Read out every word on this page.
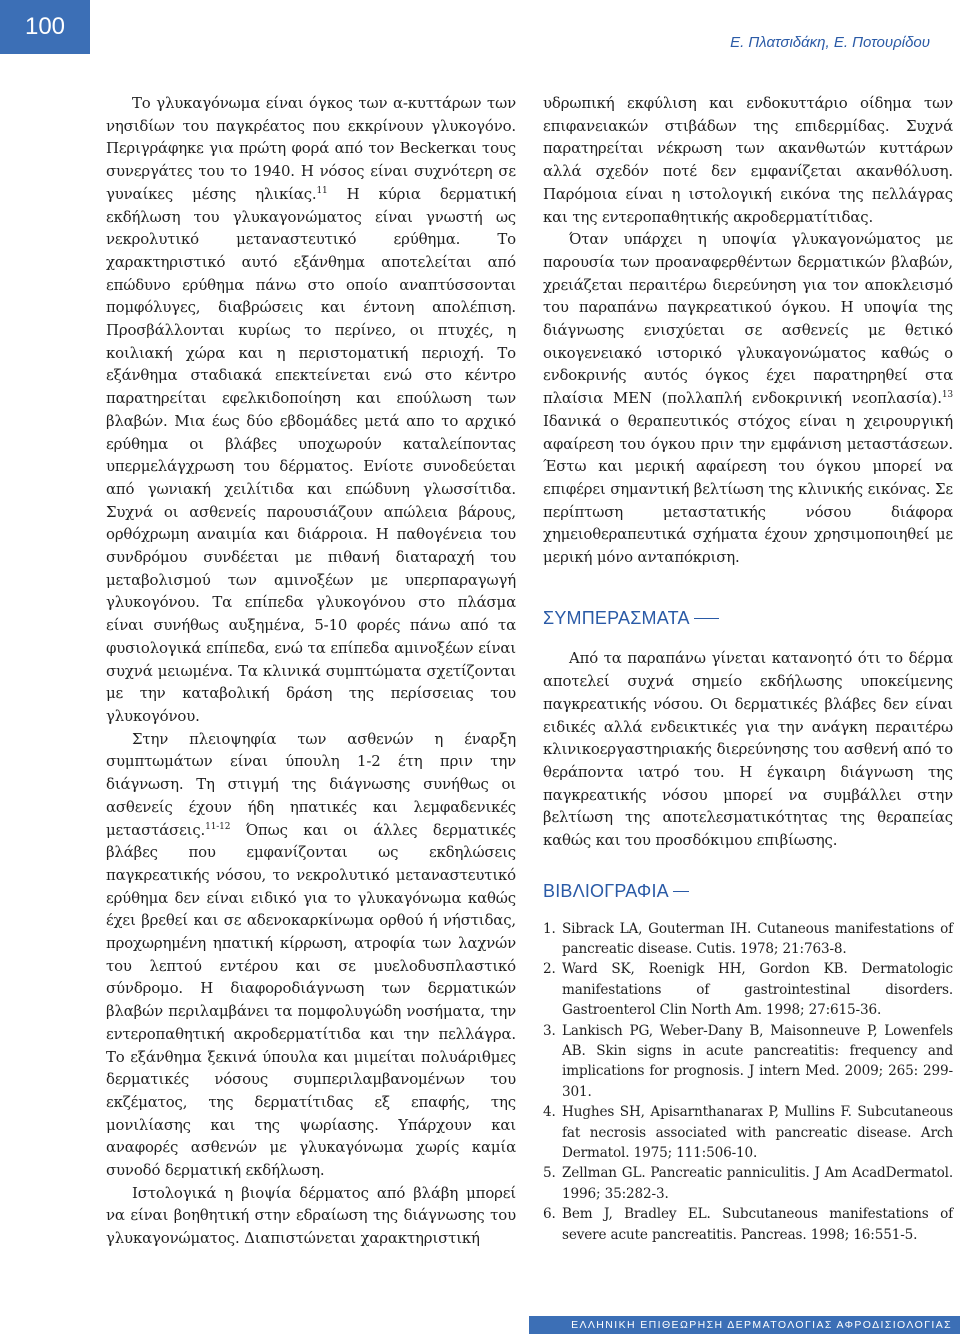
100
Ε. Πλατσιδάκη, Ε. Ποτουρίδου

Το γλυκαγόνωμα είναι όγκος των α-κυττάρων των νησιδίων του παγκρέατος που εκκρίνουν γλυκογόνο. Περιγράφηκε για πρώτη φορά από τον Beckerκαι τους συνεργάτες του το 1940. Η νόσος είναι συχνότερη σε γυναίκες μέσης ηλικίας.$^{11}$ Η κύρια δερματική εκδήλωση του γλυκαγονώματος είναι γνωστή ως νεκρολυτικό μεταναστευτικό ερύθημα. Το χαρακτηριστικό αυτό εξάνθημα αποτελείται από επώδυνο ερύθημα πάνω στο οποίο αναπτύσσονται πομφόλυγες, διαβρώσεις και έντονη απολέπιση. Προσβάλλονται κυρίως το περίνεο, οι πτυχές, η κοιλιακή χώρα και η περιστοματική περιοχή. Το εξάνθημα σταδιακά επεκτείνεται ενώ στο κέντρο παρατηρείται εφελκιδοποίηση και επούλωση των βλαβών. Μια έως δύο εβδομάδες μετά απο το αρχικό ερύθημα οι βλάβες υποχωρούν καταλείποντας υπερμελάγχρωση του δέρματος. Ενίοτε συνοδεύεται από γωνιακή χειλίτιδα και επώδυνη γλωσσίτιδα. Συχνά οι ασθενείς παρουσιάζουν απώλεια βάρους, ορθόχρωμη αναιμία και διάρροια. Η παθογένεια του συνδρόμου συνδέεται με πιθανή διαταραχή του μεταβολισμού των αμινοξέων με υπερπαραγωγή γλυκογόνου. Τα επίπεδα γλυκογόνου στο πλάσμα είναι συνήθως αυξημένα, 5-10 φορές πάνω από τα φυσιολογικά επίπεδα, ενώ τα επίπεδα αμινοξέων είναι συχνά μειωμένα. Τα κλινικά συμπτώματα σχετίζονται με την καταβολική δράση της περίσσειας του γλυκογόνου.

Στην πλειοψηφία των ασθενών η έναρξη συμπτωμάτων είναι ύπουλη 1-2 έτη πριν την διάγνωση. Τη στιγμή της διάγνωσης συνήθως οι ασθενείς έχουν ήδη ηπατικές και λεμφαδενικές μεταστάσεις.$^{11-12}$ Όπως και οι άλλες δερματικές βλάβες που εμφανίζονται ως εκδηλώσεις παγκρεατικής νόσου, το νεκρολυτικό μεταναστευτικό ερύθημα δεν είναι ειδικό για το γλυκαγόνωμα καθώς έχει βρεθεί και σε αδενοκαρκίνωμα ορθού ή νήστιδας, προχωρημένη ηπατική κίρρωση, ατροφία των λαχνών του λεπτού εντέρου και σε μυελοδυσπλαστικό σύνδρομο. Η διαφοροδιάγνωση των δερματικών βλαβών περιλαμβάνει τα πομφολυγώδη νοσήματα, την εντεροπαθητική ακροδερματίτιδα και την πελλάγρα. Το εξάνθημα ξεκινά ύπουλα και μιμείται πολυάριθμες δερματικές νόσους συμπεριλαμβανομένων του εκζέματος, της δερματίτιδας εξ επαφής, της μονιλίασης και της ψωρίασης. Υπάρχουν και αναφορές ασθενών με γλυκαγόνωμα χωρίς καμία συνοδό δερματική εκδήλωση.

Ιστολογικά η βιοψία δέρματος από βλάβη μπορεί να είναι βοηθητική στην εδραίωση της διάγνωσης του γλυκαγονώματος. Διαπιστώνεται χαρακτηριστική

υδρωπική εκφύλιση και ενδοκυττάριο οίδημα των επιφανειακών στιβάδων της επιδερμίδας. Συχνά παρατηρείται νέκρωση των ακανθωτών κυττάρων αλλά σχεδόν ποτέ δεν εμφανίζεται ακανθόλυση. Παρόμοια είναι η ιστολογική εικόνα της πελλάγρας και της εντεροπαθητικής ακροδερματίτιδας.

Όταν υπάρχει η υποψία γλυκαγονώματος με παρουσία των προαναφερθέντων δερματικών βλαβών, χρειάζεται περαιτέρω διερεύνηση για τον αποκλεισμό του παραπάνω παγκρεατικού όγκου. Η υποψία της διάγνωσης ενισχύεται σε ασθενείς με θετικό οικογενειακό ιστορικό γλυκαγονώματος καθώς ο ενδοκρινής αυτός όγκος έχει παρατηρηθεί στα πλαίσια MEN (πολλαπλή ενδοκρινική νεοπλασία).$^{13}$ Ιδανικά ο θεραπευτικός στόχος είναι η χειρουργική αφαίρεση του όγκου πριν την εμφάνιση μεταστάσεων. Έστω και μερική αφαίρεση του όγκου μπορεί να επιφέρει σημαντική βελτίωση της κλινικής εικόνας. Σε περίπτωση μεταστατικής νόσου διάφορα χημειοθεραπευτικά σχήματα έχουν χρησιμοποιηθεί με μερική μόνο ανταπόκριση.

ΣΥΜΠΕΡΑΣΜΑΤΑ

Από τα παραπάνω γίνεται κατανοητό ότι το δέρμα αποτελεί συχνά σημείο εκδήλωσης υποκείμενης παγκρεατικής νόσου. Οι δερματικές βλάβες δεν είναι ειδικές αλλά ενδεικτικές για την ανάγκη περαιτέρω κλινικοεργαστηριακής διερεύνησης του ασθενή από το θεράποντα ιατρό του. Η έγκαιρη διάγνωση της παγκρεατικής νόσου μπορεί να συμβάλλει στην βελτίωση της αποτελεσματικότητας της θεραπείας καθώς και του προσδόκιμου επιβίωσης.

ΒΙΒΛΙΟΓΡΑΦΙΑ
1. Sibrack LA, Gouterman IH. Cutaneous manifestations of pancreatic disease. Cutis. 1978; 21:763-8.
2. Ward SK, Roenigk HH, Gordon KB. Dermatologic manifestations of gastrointestinal disorders. Gastroenterol Clin North Am. 1998; 27:615-36.
3. Lankisch PG, Weber-Dany B, Maisonneuve P, Lowenfels AB. Skin signs in acute pancreatitis: frequency and implications for prognosis. J intern Med. 2009; 265: 299-301.
4. Hughes SH, Apisarnthanarax P, Mullins F. Subcutaneous fat necrosis associated with pancreatic disease. Arch Dermatol. 1975; 111:506-10.
5. Zellman GL. Pancreatic panniculitis. J Am AcadDermatol. 1996; 35:282-3.
6. Bem J, Bradley EL. Subcutaneous manifestations of severe acute pancreatitis. Pancreas. 1998; 16:551-5.
ΕΛΛΗΝΙΚΗ ΕΠΙΘΕΩΡΗΣΗ ΔΕΡΜΑΤΟΛΟΓΙΑΣ ΑΦΡΟΔΙΣΙΟΛΟΓΙΑΣ
